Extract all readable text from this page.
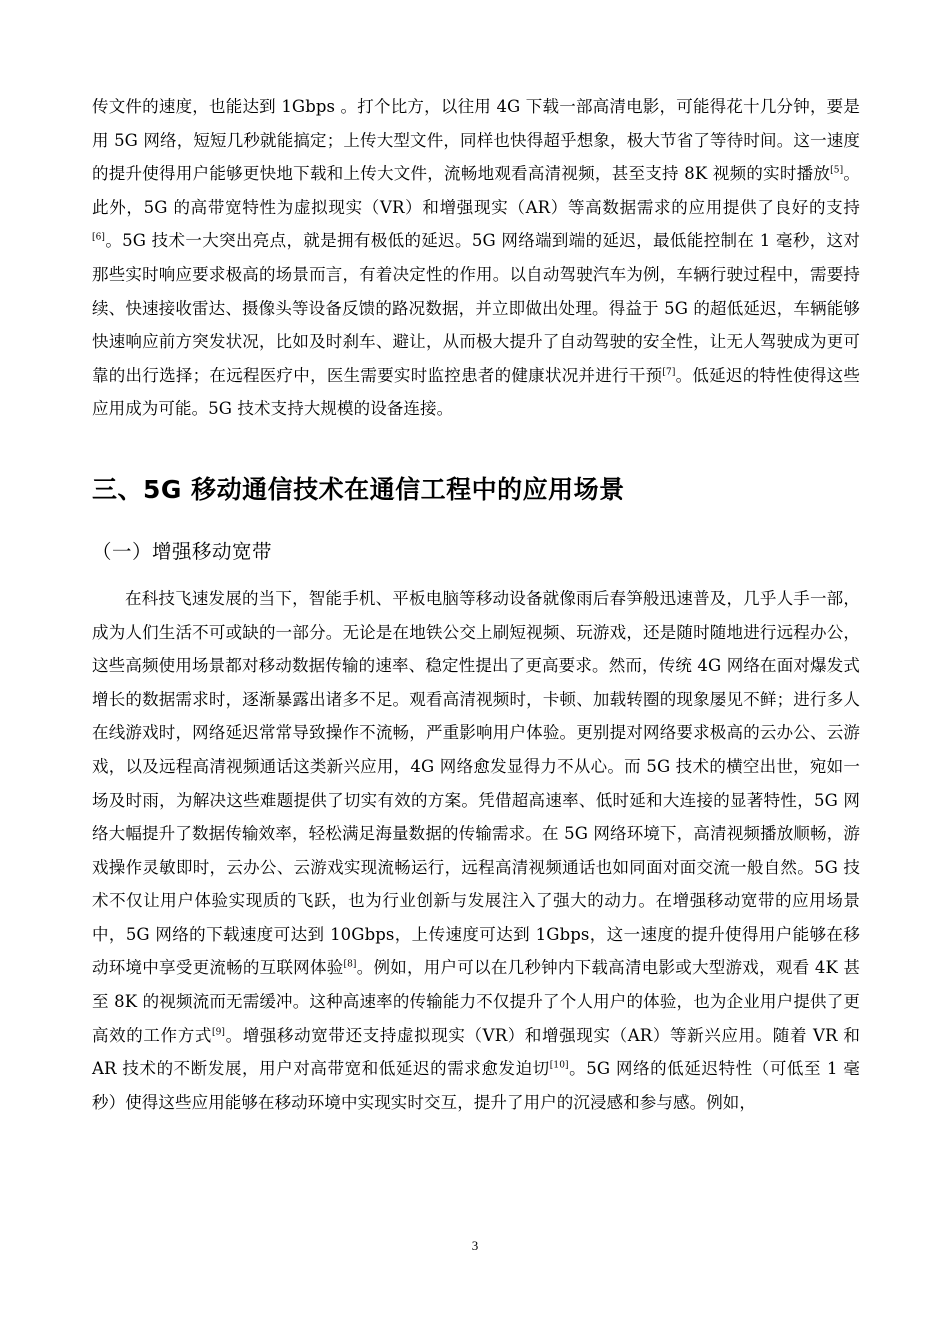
传文件的速度，也能达到 1Gbps 。打个比方，以往用 4G 下载一部高清电影，可能得花十几分钟，要是用 5G 网络，短短几秒就能搞定；上传大型文件，同样也快得超乎想象，极大节省了等待时间。这一速度的提升使得用户能够更快地下载和上传大文件，流畅地观看高清视频，甚至支持 8K 视频的实时播放[5]。此外，5G 的高带宽特性为虚拟现实（VR）和增强现实（AR）等高数据需求的应用提供了良好的支持[6]。5G 技术一大突出亮点，就是拥有极低的延迟。5G 网络端到端的延迟，最低能控制在 1 毫秒，这对那些实时响应要求极高的场景而言，有着决定性的作用。以自动驾驶汽车为例，车辆行驶过程中，需要持续、快速接收雷达、摄像头等设备反馈的路况数据，并立即做出处理。得益于 5G 的超低延迟，车辆能够快速响应前方突发状况，比如及时刹车、避让，从而极大提升了自动驾驶的安全性，让无人驾驶成为更可靠的出行选择；在远程医疗中，医生需要实时监控患者的健康状况并进行干预[7]。低延迟的特性使得这些应用成为可能。5G 技术支持大规模的设备连接。

三、5G 移动通信技术在通信工程中的应用场景
（一）增强移动宽带

在科技飞速发展的当下，智能手机、平板电脑等移动设备就像雨后春笋般迅速普及，几乎人手一部，成为人们生活不可或缺的一部分。无论是在地铁公交上刷短视频、玩游戏，还是随时随地进行远程办公，这些高频使用场景都对移动数据传输的速率、稳定性提出了更高要求。然而，传统 4G 网络在面对爆发式增长的数据需求时，逐渐暴露出诸多不足。观看高清视频时，卡顿、加载转圈的现象屡见不鲜；进行多人在线游戏时，网络延迟常常导致操作不流畅，严重影响用户体验。更别提对网络要求极高的云办公、云游戏，以及远程高清视频通话这类新兴应用，4G 网络愈发显得力不从心。而 5G 技术的横空出世，宛如一场及时雨，为解决这些难题提供了切实有效的方案。凭借超高速率、低时延和大连接的显著特性，5G 网络大幅提升了数据传输效率，轻松满足海量数据的传输需求。在 5G 网络环境下，高清视频播放顺畅，游戏操作灵敏即时，云办公、云游戏实现流畅运行，远程高清视频通话也如同面对面交流一般自然。5G 技术不仅让用户体验实现质的飞跃，也为行业创新与发展注入了强大的动力。在增强移动宽带的应用场景中，5G 网络的下载速度可达到 10Gbps，上传速度可达到 1Gbps，这一速度的提升使得用户能够在移动环境中享受更流畅的互联网体验[8]。例如，用户可以在几秒钟内下载高清电影或大型游戏，观看 4K 甚至 8K 的视频流而无需缓冲。这种高速率的传输能力不仅提升了个人用户的体验，也为企业用户提供了更高效的工作方式[9]。增强移动宽带还支持虚拟现实（VR）和增强现实（AR）等新兴应用。随着 VR 和 AR 技术的不断发展，用户对高带宽和低延迟的需求愈发迫切[10]。5G 网络的低延迟特性（可低至 1 毫秒）使得这些应用能够在移动环境中实现实时交互，提升了用户的沉浸感和参与感。例如，

3
